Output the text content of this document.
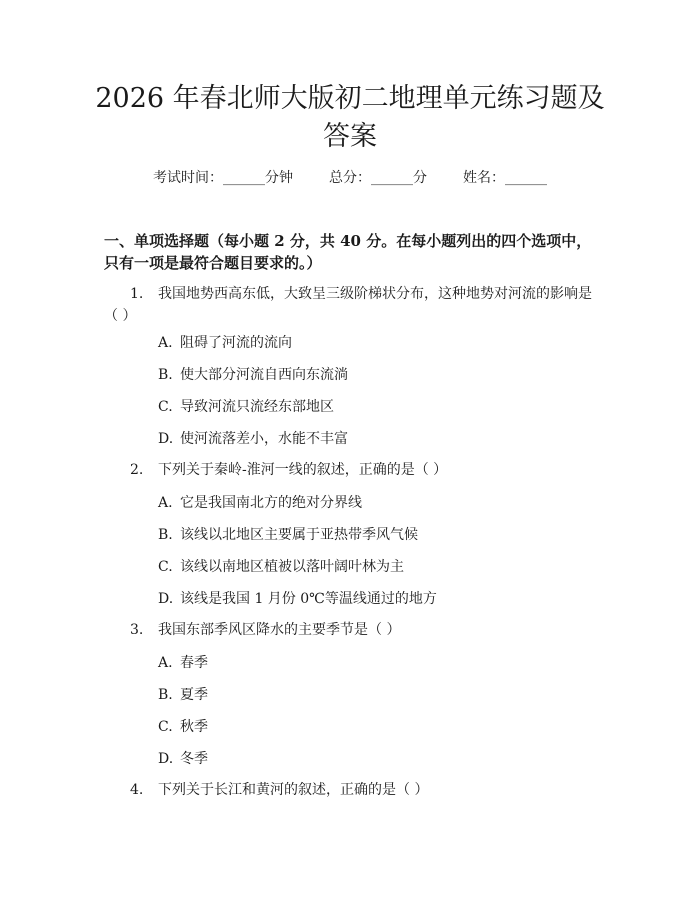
2026 年春北师大版初二地理单元练习题及答案
考试时间：______分钟	总分：______分	姓名：______
一、单项选择题（每小题 2 分，共 40 分。在每小题列出的四个选项中，只有一项是最符合题目要求的。）
1. 我国地势西高东低，大致呈三级阶梯状分布，这种地势对河流的影响是（ ）
A. 阻碍了河流的流向
B. 使大部分河流自西向东流淌
C. 导致河流只流经东部地区
D. 使河流落差小，水能不丰富
2. 下列关于秦岭-淮河一线的叙述，正确的是（ ）
A. 它是我国南北方的绝对分界线
B. 该线以北地区主要属于亚热带季风气候
C. 该线以南地区植被以落叶阔叶林为主
D. 该线是我国 1 月份 0℃等温线通过的地方
3. 我国东部季风区降水的主要季节是（ ）
A. 春季
B. 夏季
C. 秋季
D. 冬季
4. 下列关于长江和黄河的叙述，正确的是（ ）
